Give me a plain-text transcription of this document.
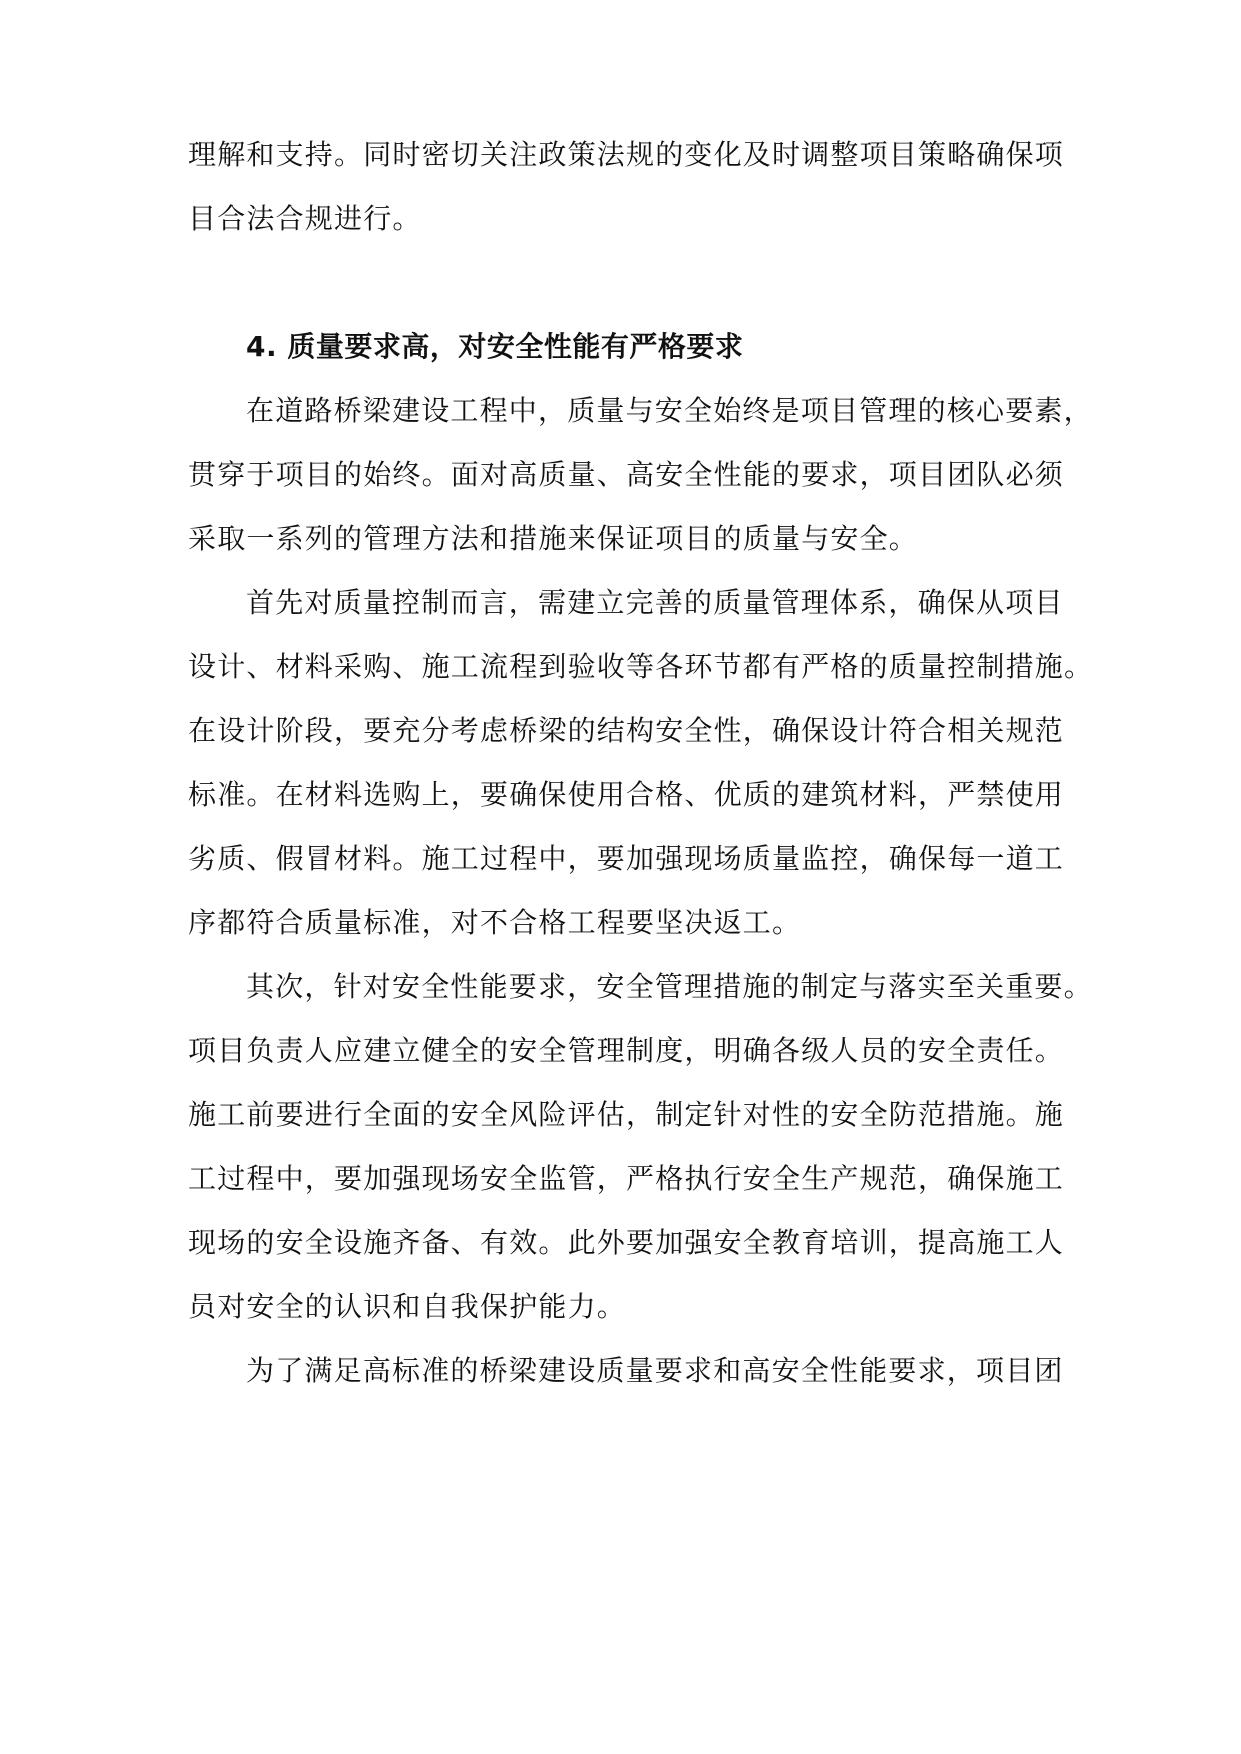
理解和支持。同时密切关注政策法规的变化及时调整项目策略确保项
目合法合规进行。
4. 质量要求高，对安全性能有严格要求
在道路桥梁建设工程中，质量与安全始终是项目管理的核心要素，
贯穿于项目的始终。面对高质量、高安全性能的要求，项目团队必须
采取一系列的管理方法和措施来保证项目的质量与安全。
首先对质量控制而言，需建立完善的质量管理体系，确保从项目
设计、材料采购、施工流程到验收等各环节都有严格的质量控制措施。
在设计阶段，要充分考虑桥梁的结构安全性，确保设计符合相关规范
标准。在材料选购上，要确保使用合格、优质的建筑材料，严禁使用
劣质、假冒材料。施工过程中，要加强现场质量监控，确保每一道工
序都符合质量标准，对不合格工程要坚决返工。
其次，针对安全性能要求，安全管理措施的制定与落实至关重要。
项目负责人应建立健全的安全管理制度，明确各级人员的安全责任。
施工前要进行全面的安全风险评估，制定针对性的安全防范措施。施
工过程中，要加强现场安全监管，严格执行安全生产规范，确保施工
现场的安全设施齐备、有效。此外要加强安全教育培训，提高施工人
员对安全的认识和自我保护能力。
为了满足高标准的桥梁建设质量要求和高安全性能要求，项目团
